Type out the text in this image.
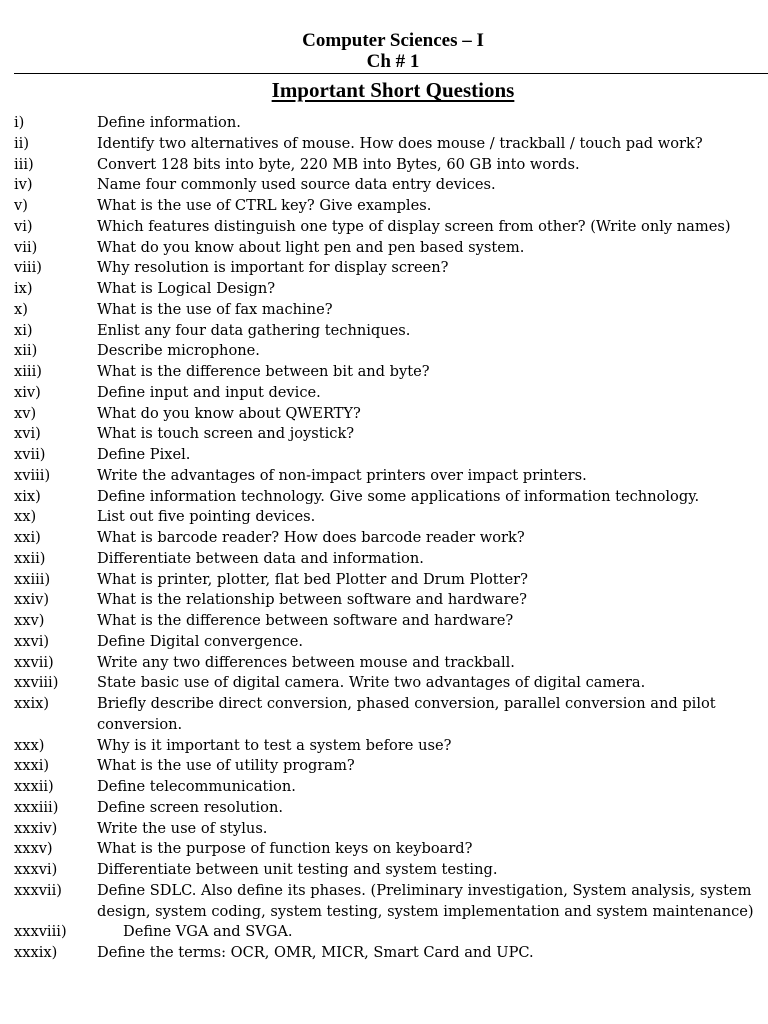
Computer Sciences – I
Ch # 1
Important Short Questions
i)	Define information.
ii)	Identify two alternatives of mouse. How does mouse / trackball / touch pad work?
iii)	Convert 128 bits into byte, 220 MB into Bytes, 60 GB into words.
iv)	Name four commonly used source data entry devices.
v)	What is the use of CTRL key? Give examples.
vi)	Which features distinguish one type of display screen from other? (Write only names)
vii)	What do you know about light pen and pen based system.
viii)	Why resolution is important for display screen?
ix)	What is Logical Design?
x)	What is the use of fax machine?
xi)	Enlist any four data gathering techniques.
xii)	Describe microphone.
xiii)	What is the difference between bit and byte?
xiv)	Define input and input device.
xv)	What do you know about QWERTY?
xvi)	What is touch screen and joystick?
xvii)	Define Pixel.
xviii)	Write the advantages of non-impact printers over impact printers.
xix)	Define information technology. Give some applications of information technology.
xx)	List out five pointing devices.
xxi)	What is barcode reader? How does barcode reader work?
xxii)	Differentiate between data and information.
xxiii)	What is printer, plotter, flat bed Plotter and Drum Plotter?
xxiv)	What is the relationship between software and hardware?
xxv)	What is the difference between software and hardware?
xxvi)	Define Digital convergence.
xxvii)	Write any two differences between mouse and trackball.
xxviii)	State basic use of digital camera. Write two advantages of digital camera.
xxix)	Briefly describe direct conversion, phased conversion, parallel conversion and pilot
conversion.
xxx)	Why is it important to test a system before use?
xxxi)	What is the use of utility program?
xxxii)	Define telecommunication.
xxxiii)	Define screen resolution.
xxxiv)	Write the use of stylus.
xxxv)	What is the purpose of function keys on keyboard?
xxxvi)	Differentiate between unit testing and system testing.
xxxvii) Define SDLC. Also define its phases. (Preliminary investigation, System analysis, system
design, system coding, system testing, system implementation and system maintenance)
xxxviii)	Define VGA and SVGA.
xxxix)	Define the terms: OCR, OMR, MICR, Smart Card and UPC.
